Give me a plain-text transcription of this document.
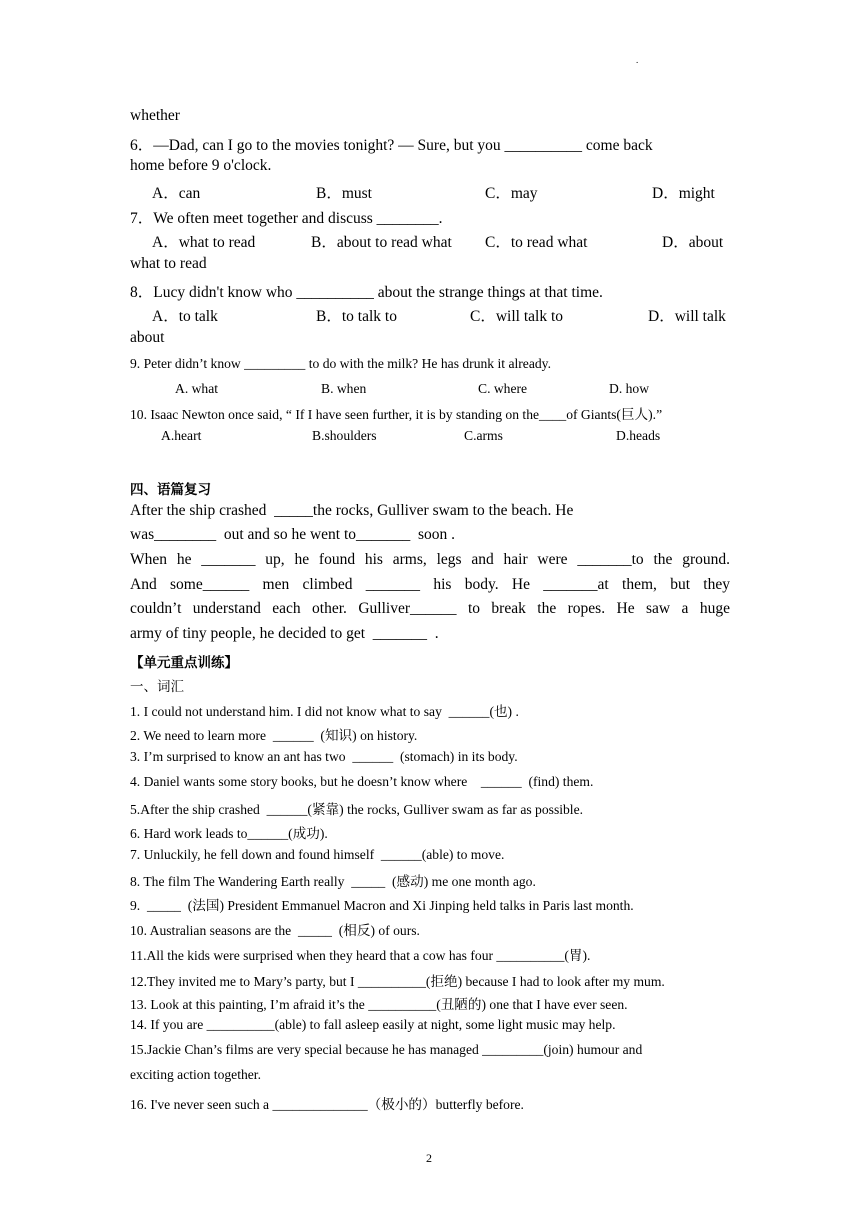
.
whether
6．—Dad, can I go to the movies tonight? — Sure, but you __________ come back
home before 9 o'clock.
A．can	B．must	C．may	D．might
7．We often meet together and discuss ________.
A．what to read	B．about to read what C．to read what	D．about
what to read
8．Lucy didn't know who __________ about the strange things at that time.
A．to talk	B．to talk to	C．will talk to	D．will talk
about
9. Peter didn’t know _________ to do with the milk? He has drunk it already.
A. what	B. when	C. where	D. how
10. Isaac Newton once said, “ If I have seen further, it is by standing on the____of Giants(巨人).”
A.heart	B.shoulders	C.arms	D.heads
四、语篇复习
After the ship crashed  _____the rocks, Gulliver swam to the beach. He
was________  out and so he went to_______  soon .
When he _______ up, he found his arms, legs and hair were _______to the ground.
And some______ men climbed _______ his body. He _______at them, but they
couldn’t understand each other. Gulliver______ to break the ropes. He saw a huge
army of tiny people, he decided to get  _______  .
【单元重点训练】
一、词汇
1. I could not understand him. I did not know what to say  ______(也) .
2. We need to learn more  ______  (知识) on history.
3. I’m surprised to know an ant has two  ______  (stomach) in its body.
4. Daniel wants some story books, but he doesn’t know where    ______  (find) them.
5.After the ship crashed  ______(紧靠) the rocks, Gulliver swam as far as possible.
6. Hard work leads to______(成功).
7. Unluckily, he fell down and found himself  ______(able) to move.
8. The film The Wandering Earth really  _____  (感动) me one month ago.
9.  _____  (法国) President Emmanuel Macron and Xi Jinping held talks in Paris last month.
10. Australian seasons are the  _____  (相反) of ours.
11.All the kids were surprised when they heard that a cow has four __________(胃).
12.They invited me to Mary’s party, but I __________(拒绝) because I had to look after my mum.
13. Look at this painting, I’m afraid it’s the __________(丑陋的) one that I have ever seen.
14. If you are __________(able) to fall asleep easily at night, some light music may help.
15.Jackie Chan’s films are very special because he has managed _________(join) humour and
exciting action together.
16. I've never seen such a ______________（极小的）butterfly before.
2
